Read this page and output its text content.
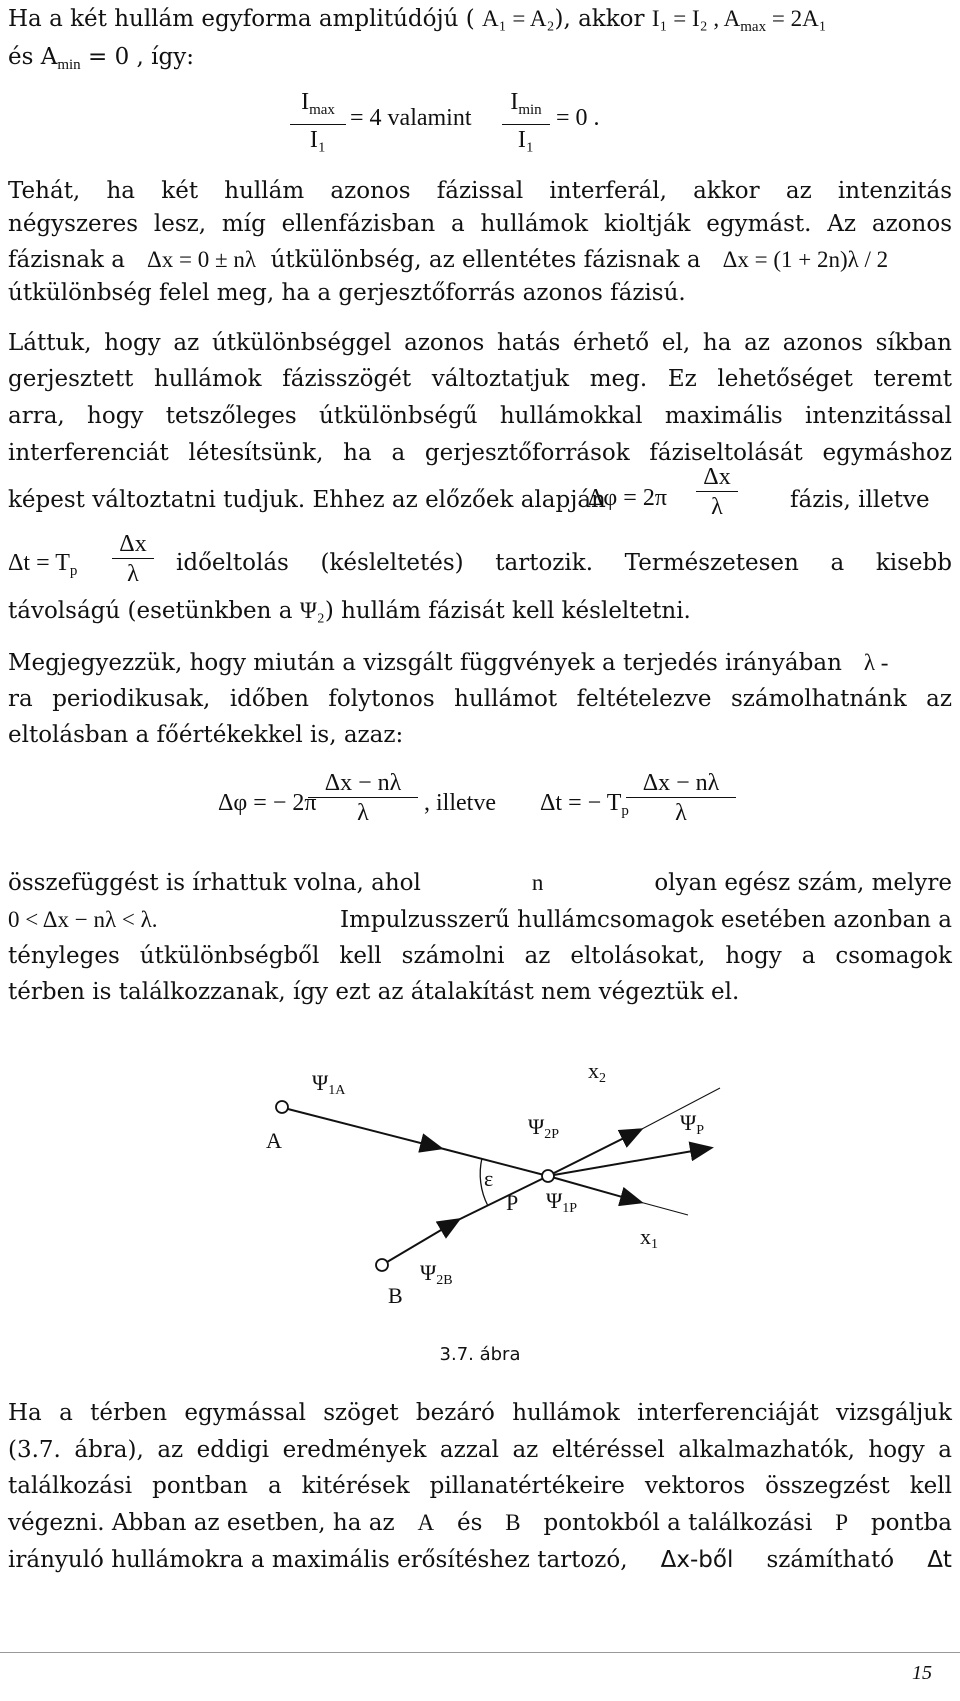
Ha a két hullám egyforma amplitúdójú ( A₁ = A₂), akkor I₁ = I₂ , $A_{max} = 2A_1$
és $A_{min} = 0$ , így:
$I_{max}$
I₁
= 4 valamint
$I_{min}$
I₁
= 0 .
Tehát, ha két hullám azonos fázissal interferál, akkor az intenzitás
négyszeres lesz, míg ellenfázisban a hullámok kioltják egymást. Az azonos
fázisnak a Δx = 0 ± nλ útkülönbség, az ellentétes fázisnak a Δx = (1 + 2n)λ / 2
útkülönbség felel meg, ha a gerjesztőforrás azonos fázisú.
Láttuk, hogy az útkülönbséggel azonos hatás érhető el, ha az azonos síkban
gerjesztett hullámok fázisszögét változtatjuk meg. Ez lehetőséget teremt
arra, hogy tetszőleges útkülönbségű hullámokkal maximális intenzitással
interferenciát létesítsünk, ha a gerjesztőforrások fáziseltolását egymáshoz
képest változtatni tudjuk. Ehhez az előzőek alapján
$\Delta\varphi = 2\pi \frac{\Delta x}{\lambda}$ fázis, illetve
$\Delta t = T_p \frac{\Delta x}{\lambda}$ időeltolás (késleltetés) tartozik. Természetesen a kisebb
távolságú (esetünkben a Ψ₂) hullám fázisát kell késleltetni.
Megjegyezzük, hogy miután a vizsgált függvények a terjedés irányában λ -
ra periodikusak, időben folytonos hullámot feltételezve számolhatnánk az
eltolásban a főértékekkel is, azaz:
Δφ = − 2π
$\frac{\Delta x - n\lambda}{\lambda}$ , illetve Δt = − $T_p$
$\frac{\Delta x - n\lambda}{\lambda}$
összefüggést is írhattuk volna, ahol	n	olyan egész szám, melyre
0 < Δx − nλ < λ.	Impulzusszerű hullámcsomagok esetében azonban a
tényleges útkülönbségből kell számolni az eltolásokat, hogy a csomagok
térben is találkozzanak, így ezt az átalakítást nem végeztük el.
Ψ1A
A
x2
Ψ2P	ΨP
ε
P Ψ1P
x1
B
Ψ2B
3.7. ábra
Ha a térben egymással szöget bezáró hullámok interferenciáját vizsgáljuk
(3.7. ábra), az eddigi eredmények azzal az eltéréssel alkalmazhatók, hogy a
találkozási pontban a kitérések pillanatértékeire vektoros összegzést kell
végezni. Abban az esetben, ha az A és B pontokból a találkozási P pontba
irányuló hullámokra a maximális erősítéshez tartozó, Δx-ből számítható Δt
15
